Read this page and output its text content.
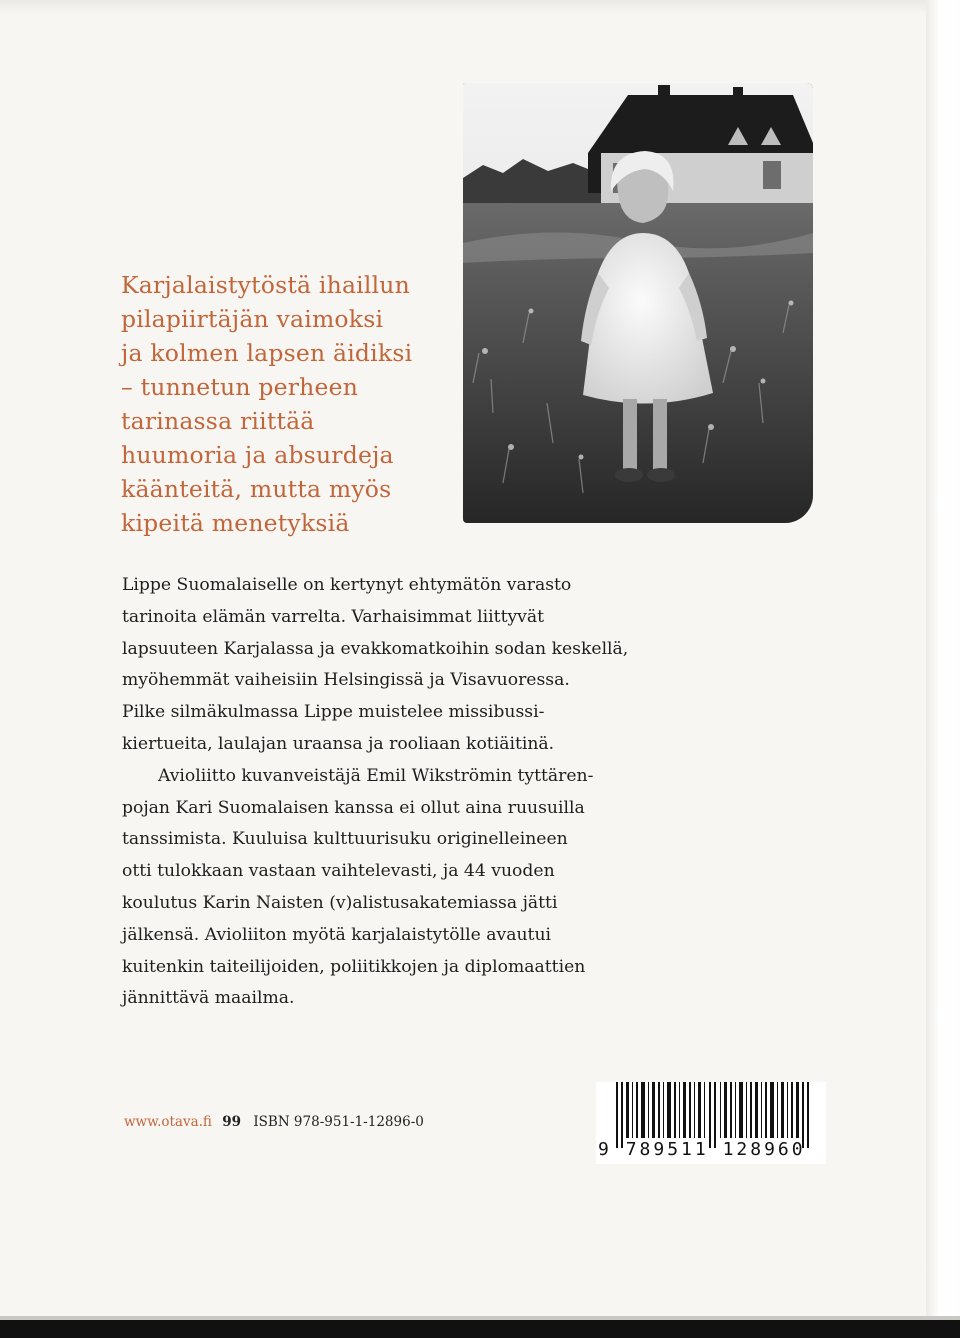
Karjalaistytöstä ihaillun
pilapiirtäjän vaimoksi
ja kolmen lapsen äidiksi
– tunnetun perheen
tarinassa riittää
huumoria ja absurdeja
käänteitä, mutta myös
kipeitä menetyksiä
Lippe Suomalaiselle on kertynyt ehtymätön varasto
tarinoita elämän varrelta. Varhaisimmat liittyvät
lapsuuteen Karjalassa ja evakkomatkoihin sodan keskellä,
myöhemmät vaiheisiin Helsingissä ja Visavuoressa.
Pilke silmäkulmassa Lippe muistelee missibussi-
kiertueita, laulajan uraansa ja rooliaan kotiäitinä.
Avioliitto kuvanveistäjä Emil Wikströmin tyttären-
pojan Kari Suomalaisen kanssa ei ollut aina ruusuilla
tanssimista. Kuuluisa kulttuurisuku originelleineen
otti tulokkaan vastaan vaihtelevasti, ja 44 vuoden
koulutus Karin Naisten (v)alistusakatemiassa jätti
jälkensä. Avioliiton myötä karjalaistytölle avautui
kuitenkin taiteilijoiden, poliitikkojen ja diplomaattien
jännittävä maailma.
www.otava.fi 99 ISBN 978-951-1-12896-0
9 789511 128960
